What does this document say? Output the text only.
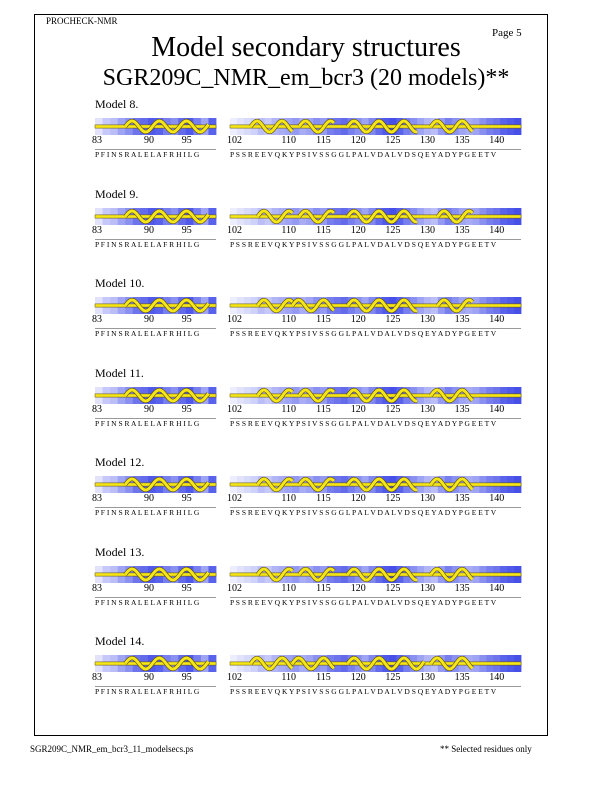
PROCHECK-NMR
Page 5
Model secondary structures
SGR209C_NMR_em_bcr3 (20 models)**
Model 8.
83	90	95
P F I N S R A L E L A F R H I L G
102	110 115 120 125 130 135 140
P S S R E E V Q K Y P S I V S S G G L P A L V D A L V D S Q E Y A D Y P G E E T V
Model 9.
83	90	95
P F I N S R A L E L A F R H I L G
102	110 115 120 125 130 135 140
P S S R E E V Q K Y P S I V S S G G L P A L V D A L V D S Q E Y A D Y P G E E T V
Model 10.
83	90	95
P F I N S R A L E L A F R H I L G
102	110 115 120 125 130 135 140
P S S R E E V Q K Y P S I V S S G G L P A L V D A L V D S Q E Y A D Y P G E E T V
Model 11.
83	90	95
P F I N S R A L E L A F R H I L G
102	110 115 120 125 130 135 140
P S S R E E V Q K Y P S I V S S G G L P A L V D A L V D S Q E Y A D Y P G E E T V
Model 12.
83	90	95
P F I N S R A L E L A F R H I L G
102	110 115 120 125 130 135 140
P S S R E E V Q K Y P S I V S S G G L P A L V D A L V D S Q E Y A D Y P G E E T V
Model 13.
83	90	95
P F I N S R A L E L A F R H I L G
102	110 115 120 125 130 135 140
P S S R E E V Q K Y P S I V S S G G L P A L V D A L V D S Q E Y A D Y P G E E T V
Model 14.
83	90	95
P F I N S R A L E L A F R H I L G
102	110 115 120 125 130 135 140
P S S R E E V Q K Y P S I V S S G G L P A L V D A L V D S Q E Y A D Y P G E E T V
SGR209C_NMR_em_bcr3_11_modelsecs.ps	** Selected residues only
